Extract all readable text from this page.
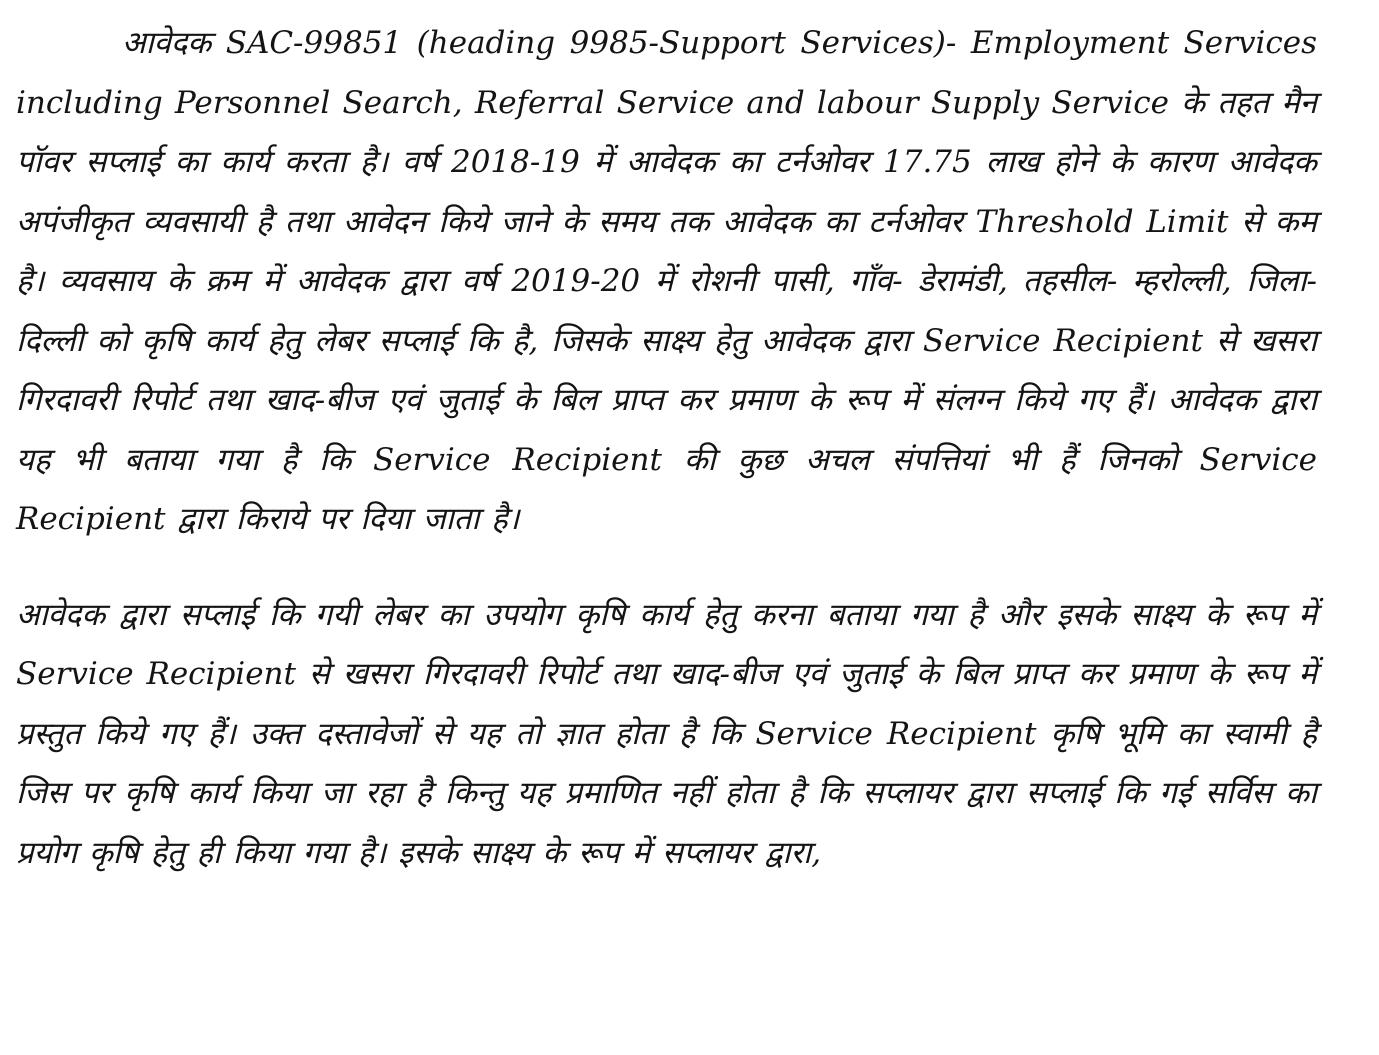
आवेदक SAC-99851 (heading 9985-Support Services)- Employment Services including Personnel Search, Referral Service and labour Supply Service के तहत मैन पॉवर सप्लाई का कार्य करता है। वर्ष 2018-19 में आवेदक का टर्नओवर 17.75 लाख होने के कारण आवेदक अपंजीकृत व्यवसायी है तथा आवेदन किये जाने के समय तक आवेदक का टर्नओवर Threshold Limit से कम है। व्यवसाय के क्रम में आवेदक द्वारा वर्ष 2019-20 में रोशनी पासी, गाँव- डेरामंडी, तहसील- म्हरोल्ली, जिला-दिल्ली को कृषि कार्य हेतु लेबर सप्लाई कि है, जिसके साक्ष्य हेतु आवेदक द्वारा Service Recipient से खसरा गिरदावरी रिपोर्ट तथा खाद-बीज एवं जुताई के बिल प्राप्त कर प्रमाण के रूप में संलग्न किये गए हैं। आवेदक द्वारा यह भी बताया गया है कि Service Recipient की कुछ अचल संपत्तियां भी हैं जिनको Service Recipient द्वारा किराये पर दिया जाता है।

आवेदक द्वारा सप्लाई कि गयी लेबर का उपयोग कृषि कार्य हेतु करना बताया गया है और इसके साक्ष्य के रूप में Service Recipient से खसरा गिरदावरी रिपोर्ट तथा खाद-बीज एवं जुताई के बिल प्राप्त कर प्रमाण के रूप में प्रस्तुत किये गए हैं। उक्त दस्तावेजों से यह तो ज्ञात होता है कि Service Recipient कृषि भूमि का स्वामी है जिस पर कृषि कार्य किया जा रहा है किन्तु यह प्रमाणित नहीं होता है कि सप्लायर द्वारा सप्लाई कि गई सर्विस का प्रयोग कृषि हेतु ही किया गया है। इसके साक्ष्य के रूप में सप्लायर द्वारा,
